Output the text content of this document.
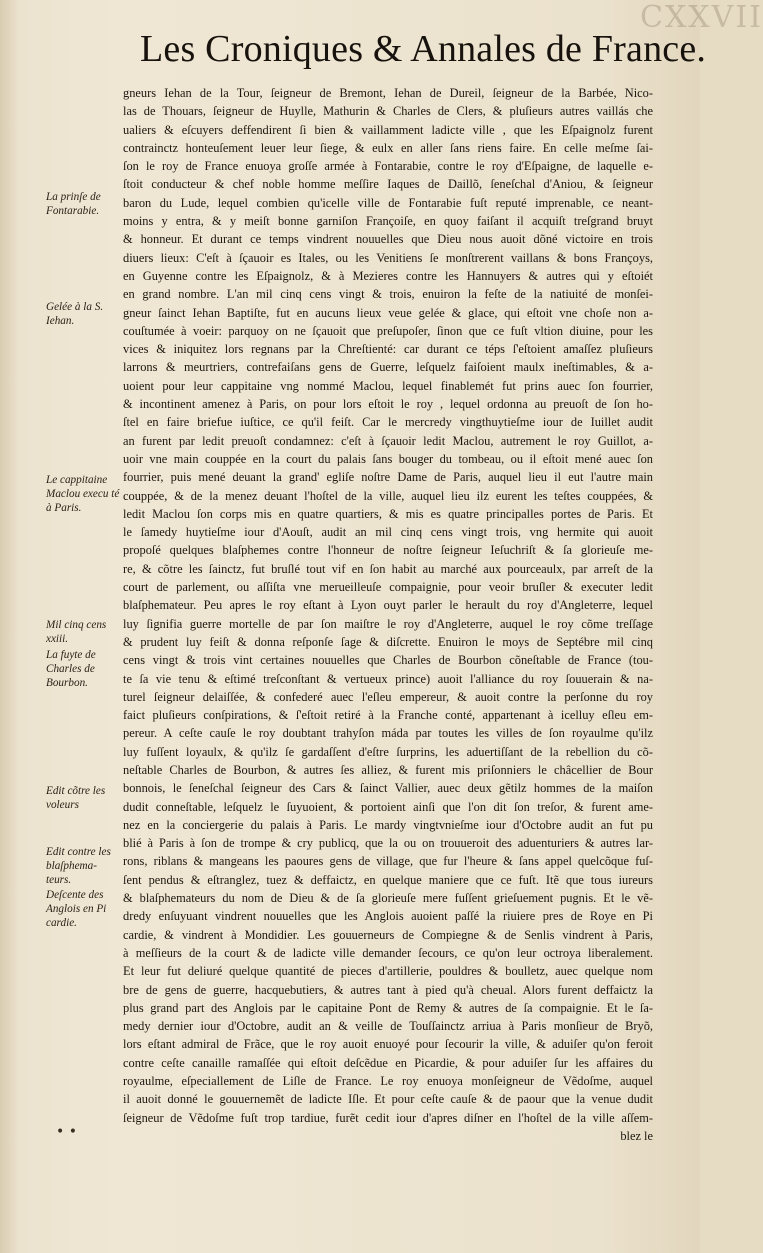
CXXVII
Les Croniques & Annales de France.
La prinſe de Fontarabie.
Gelée à la S. Iehan.
Le cappitaine Maclou execu té à Paris.
Mil cinq cens xxiii.
La fuyte de Charles de Bourbon.
Edit cõtre les voleurs
Edit contre les blaſphema-teurs.
Deſcente des Anglois en Pi cardie.
gneurs Iehan de la Tour, ſeigneur de Bremont, Iehan de Dureil, ſeigneur de la Barbée, Nico-
las de Thouars, ſeigneur de Huylle, Mathurin & Charles de Clers, & pluſieurs autres vaillás che
ualiers & eſcuyers deffendirent ſi bien & vaillamment ladicte ville , que les Eſpaignolz furent
contrainctz honteuſement leuer leur ſiege, & eulx en aller ſans riens faire. En celle meſme ſai-
ſon le roy de France enuoya groſſe armée à Fontarabie, contre le roy d'Eſpaigne, de laquelle e-
ſtoit conducteur & chef noble homme meſſire Iaques de Daillõ, ſeneſchal d'Aniou, & ſeigneur
baron du Lude, lequel combien qu'icelle ville de Fontarabie fuſt reputé imprenable, ce neant-
moins y entra, & y meiſt bonne garniſon Françoiſe, en quoy faiſant il acquiſt treſgrand bruyt
& honneur. Et durant ce temps vindrent nouuelles que Dieu nous auoit dõné victoire en trois
diuers lieux: C'eſt à ſçauoir es Itales, ou les Venitiens ſe monſtrerent vaillans & bons Françoys,
en Guyenne contre les Eſpaignolz, & à Mezieres contre les Hannuyers & autres qui y eſtoiét
en grand nombre. L'an mil cinq cens vingt & trois, enuiron la feſte de la natiuité de monſei-
gneur ſainct Iehan Baptiſte, fut en aucuns lieux veue gelée & glace, qui eſtoit vne choſe non a-
couſtumée à voeir: parquoy on ne ſçauoit que preſupoſer, ſinon que ce fuſt vltion diuine, pour les
vices & iniquitez lors regnans par la Chreſtienté: car durant ce téps ſ'eſtoient amaſſez pluſieurs
larrons & meurtriers, contrefaiſans gens de Guerre, leſquelz faiſoient maulx ineſtimables, & a-
uoient pour leur cappitaine vng nommé Maclou, lequel finablemét fut prins auec ſon fourrier,
& incontinent amenez à Paris, on pour lors eſtoit le roy , lequel ordonna au preuoſt de ſon ho-
ſtel en faire briefue iuſtice, ce qu'il feiſt. Car le mercredy vingthuytieſme iour de Iuillet audit
an furent par ledit preuoſt condamnez: c'eſt à ſçauoir ledit Maclou, autrement le roy Guillot, a-
uoir vne main couppée en la court du palais ſans bouger du tombeau, ou il eſtoit mené auec ſon
fourrier, puis mené deuant la grand' egliſe noſtre Dame de Paris, auquel lieu il eut l'autre main
couppée, & de la menez deuant l'hoſtel de la ville, auquel lieu ilz eurent les teſtes couppées, &
ledit Maclou ſon corps mis en quatre quartiers, & mis es quatre principalles portes de Paris. Et
le ſamedy huytieſme iour d'Aouſt, audit an mil cinq cens vingt trois, vng hermite qui auoit
propoſé quelques blaſphemes contre l'honneur de noſtre ſeigneur Ieſuchriſt & ſa glorieuſe me-
re, & cõtre les ſainctz, fut bruſlé tout vif en ſon habit au marché aux pourceaulx, par arreſt de la
court de parlement, ou aſſiſta vne merueilleuſe compaignie, pour veoir bruſler & executer ledit
blaſphemateur. Peu apres le roy eſtant à Lyon ouyt parler le herault du roy d'Angleterre, lequel
luy ſignifia guerre mortelle de par ſon maiſtre le roy d'Angleterre, auquel le roy cõme treſſage
& prudent luy feiſt & donna reſponſe ſage & diſcrette. Enuiron le moys de Septébre mil cinq
cens vingt & trois vint certaines nouuelles que Charles de Bourbon cõneſtable de France (tou-
te ſa vie tenu & eſtimé treſconſtant & vertueux prince) auoit l'alliance du roy ſouuerain & na-
turel ſeigneur delaiſſée, & confederé auec l'eſleu empereur, & auoit contre la perſonne du roy
faict pluſieurs conſpirations, & ſ'eſtoit retiré à la Franche conté, appartenant à icelluy eſleu em-
pereur. A ceſte cauſe le roy doubtant trahyſon máda par toutes les villes de ſon royaulme qu'ilz
luy fuſſent loyaulx, & qu'ilz ſe gardaſſent d'eſtre ſurprins, les aduertiſſant de la rebellion du cõ-
neſtable Charles de Bourbon, & autres ſes alliez, & furent mis priſonniers le châcellier de Bour
bonnois, le ſeneſchal ſeigneur des Cars & ſainct Vallier, auec deux gẽtilz hommes de la maiſon
dudit conneſtable, leſquelz le ſuyuoient, & portoient ainſi que l'on dit ſon treſor, & furent ame-
nez en la conciergerie du palais à Paris. Le mardy vingtvnieſme iour d'Octobre audit an fut pu
blié à Paris à ſon de trompe & cry publicq, que la ou on trouueroit des aduenturiers & autres lar-
rons, riblans & mangeans les paoures gens de village, que fur l'heure & ſans appel quelcõque fuſ-
ſent pendus & eſtranglez, tuez & deffaictz, en quelque maniere que ce fuſt. Itẽ que tous iureurs
& blaſphemateurs du nom de Dieu & de ſa glorieuſe mere fuſſent grieſuement pugnis. Et le vẽ-
dredy enſuyuant vindrent nouuelles que les Anglois auoient paſſé la riuiere pres de Roye en Pi
cardie, & vindrent à Mondidier. Les gouuerneurs de Compiegne & de Senlis vindrent à Paris,
à meſſieurs de la court & de ladicte ville demander ſecours, ce qu'on leur octroya liberalement.
Et leur fut deliuré quelque quantité de pieces d'artillerie, pouldres & boulletz, auec quelque nom
bre de gens de guerre, hacquebutiers, & autres tant à pied qu'à cheual. Alors furent deffaictz la
plus grand part des Anglois par le capitaine Pont de Remy & autres de ſa compaignie. Et le ſa-
medy dernier iour d'Octobre, audit an & veille de Touſſainctz arriua à Paris monſieur de Bryõ,
lors eſtant admiral de Frãce, que le roy auoit enuoyé pour ſecourir la ville, & aduiſer qu'on feroit
contre ceſte canaille ramaſſée qui eſtoit deſcẽdue en Picardie, & pour aduiſer ſur les affaires du
royaulme, eſpeciallement de Liſle de France. Le roy enuoya monſeigneur de Vẽdoſme, auquel
il auoit donné le gouuernemẽt de ladicte Iſle. Et pour ceſte cauſe & de paour que la venue dudit
ſeigneur de Vẽdoſme fuſt trop tardiue, furẽt cedit iour d'apres diſner en l'hoſtel de la ville aſſem-
blez le
• •
